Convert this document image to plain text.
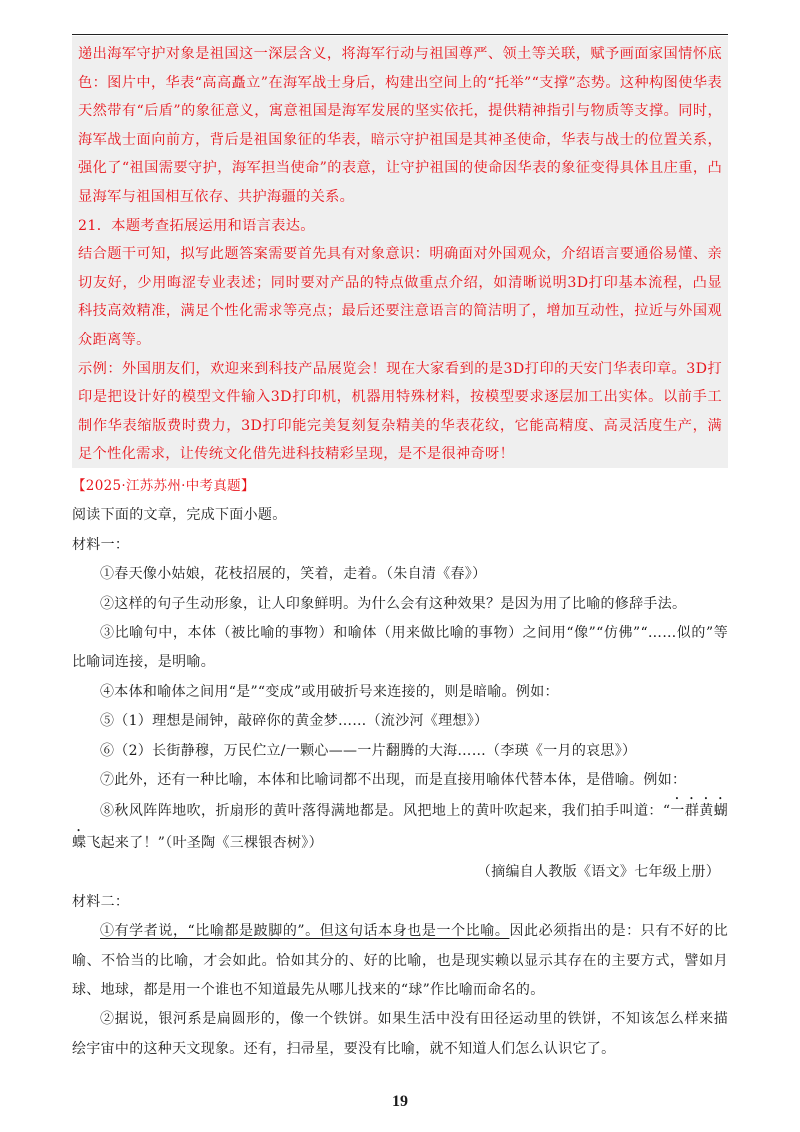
递出海军守护对象是祖国这一深层含义，将海军行动与祖国尊严、领土等关联，赋予画面家国情怀底色：图片中，华表“高高矗立”在海军战士身后，构建出空间上的“托举”“支撑”态势。这种构图使华表天然带有“后盾”的象征意义，寓意祖国是海军发展的坚实依托，提供精神指引与物质等支撑。同时，海军战士面向前方，背后是祖国象征的华表，暗示守护祖国是其神圣使命，华表与战士的位置关系，强化了“祖国需要守护，海军担当使命”的表意，让守护祖国的使命因华表的象征变得具体且庄重，凸显海军与祖国相互依存、共护海疆的关系。

21．本题考查拓展运用和语言表达。

结合题干可知，拟写此题答案需要首先具有对象意识：明确面对外国观众，介绍语言要通俗易懂、亲切友好，少用晦涩专业表述；同时要对产品的特点做重点介绍，如清晰说明3D打印基本流程，凸显科技高效精准，满足个性化需求等亮点；最后还要注意语言的简洁明了，增加互动性，拉近与外国观众距离等。

示例：外国朋友们，欢迎来到科技产品展览会！现在大家看到的是3D打印的天安门华表印章。3D打印是把设计好的模型文件输入3D打印机，机器用特殊材料，按模型要求逐层加工出实体。以前手工制作华表缩版费时费力，3D打印能完美复刻复杂精美的华表花纹，它能高精度、高灵活度生产，满足个性化需求，让传统文化借先进科技精彩呈现，是不是很神奇呀！

【2025·江苏苏州·中考真题】

阅读下面的文章，完成下面小题。

材料一：

①春天像小姑娘，花枝招展的，笑着，走着。（朱自清《春》）

②这样的句子生动形象，让人印象鲜明。为什么会有这种效果？是因为用了比喻的修辞手法。

③比喻句中，本体（被比喻的事物）和喻体（用来做比喻的事物）之间用“像”“仿佛”“……似的”等比喻词连接，是明喻。

④本体和喻体之间用“是”“变成”或用破折号来连接的，则是暗喻。例如：

⑤（1）理想是闹钟，敲碎你的黄金梦……（流沙河《理想》）

⑥（2）长街静穆，万民伫立/一颗心——一片翻腾的大海……（李瑛《一月的哀思》）

⑦此外，还有一种比喻，本体和比喻词都不出现，而是直接用喻体代替本体，是借喻。例如：

⑧秋风阵阵地吹，折扇形的黄叶落得满地都是。风把地上的黄叶吹起来，我们拍手叫道：“一群黄蝴蝶飞起来了！”（叶圣陶《三棵银杏树》）

（摘编自人教版《语文》七年级上册）

材料二：

①有学者说，“比喻都是跛脚的”。但这句话本身也是一个比喻。因此必须指出的是：只有不好的比喻、不恰当的比喻，才会如此。恰如其分的、好的比喻，也是现实赖以显示其存在的主要方式，譬如月球、地球，都是用一个谁也不知道最先从哪儿找来的“球”作比喻而命名的。

②据说，银河系是扁圆形的，像一个铁饼。如果生活中没有田径运动里的铁饼，不知该怎么样来描绘宇宙中的这种天文现象。还有，扫帚星，要没有比喻，就不知道人们怎么认识它了。

19
